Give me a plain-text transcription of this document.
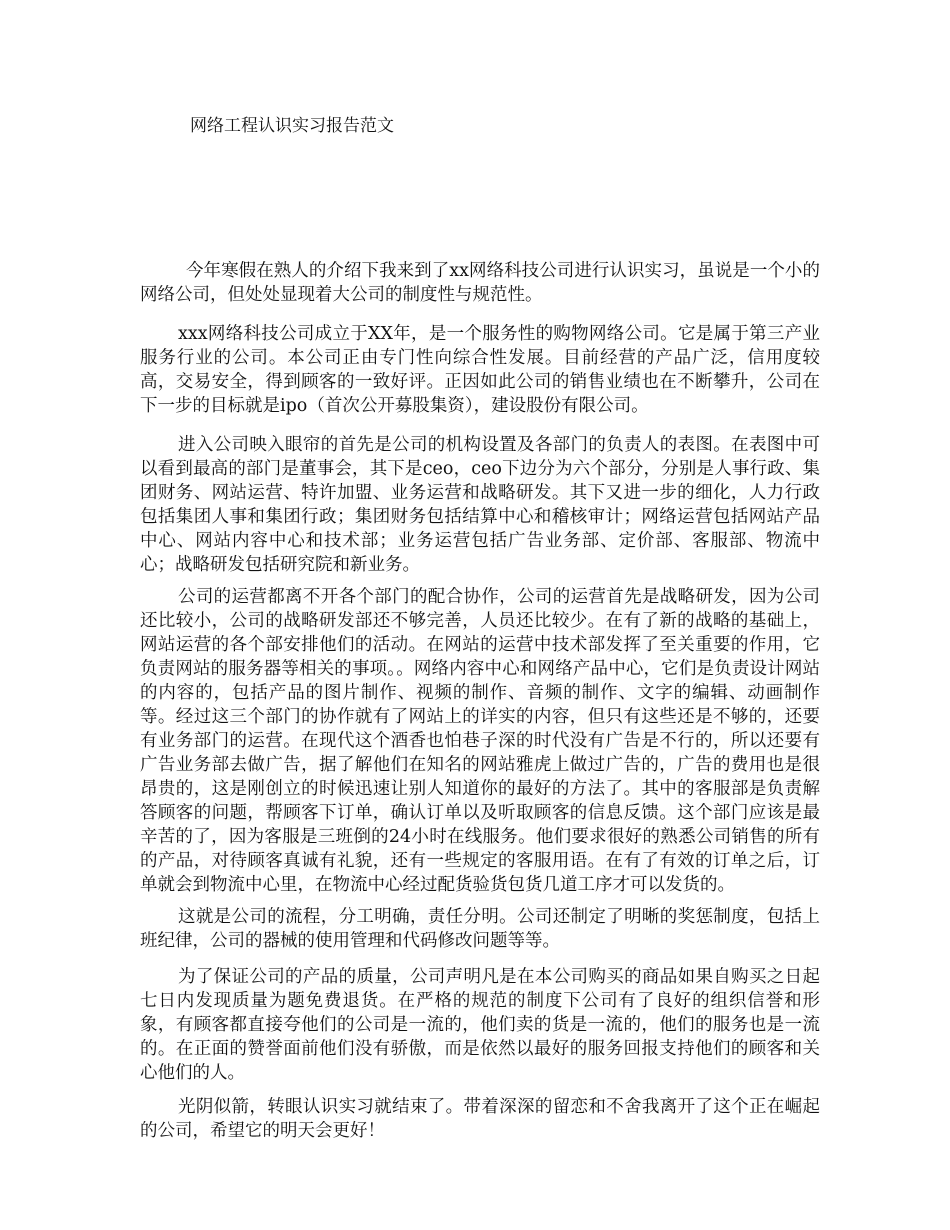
网络工程认识实习报告范文

今年寒假在熟人的介绍下我来到了xx网络科技公司进行认识实习，虽说是一个小的网络公司，但处处显现着大公司的制度性与规范性。

xxx网络科技公司成立于XX年，是一个服务性的购物网络公司。它是属于第三产业服务行业的公司。本公司正由专门性向综合性发展。目前经营的产品广泛，信用度较高，交易安全，得到顾客的一致好评。正因如此公司的销售业绩也在不断攀升，公司在下一步的目标就是ipo（首次公开募股集资），建设股份有限公司。

进入公司映入眼帘的首先是公司的机构设置及各部门的负责人的表图。在表图中可以看到最高的部门是董事会，其下是ceo，ceo下边分为六个部分，分别是人事行政、集团财务、网站运营、特许加盟、业务运营和战略研发。其下又进一步的细化，人力行政包括集团人事和集团行政；集团财务包括结算中心和稽核审计；网络运营包括网站产品中心、网站内容中心和技术部；业务运营包括广告业务部、定价部、客服部、物流中心；战略研发包括研究院和新业务。

公司的运营都离不开各个部门的配合协作，公司的运营首先是战略研发，因为公司还比较小，公司的战略研发部还不够完善，人员还比较少。在有了新的战略的基础上，网站运营的各个部安排他们的活动。在网站的运营中技术部发挥了至关重要的作用，它负责网站的服务器等相关的事项。。网络内容中心和网络产品中心，它们是负责设计网站的内容的，包括产品的图片制作、视频的制作、音频的制作、文字的编辑、动画制作等。经过这三个部门的协作就有了网站上的详实的内容，但只有这些还是不够的，还要有业务部门的运营。在现代这个酒香也怕巷子深的时代没有广告是不行的，所以还要有广告业务部去做广告，据了解他们在知名的网站雅虎上做过广告的，广告的费用也是很昂贵的，这是刚创立的时候迅速让别人知道你的最好的方法了。其中的客服部是负责解答顾客的问题，帮顾客下订单，确认订单以及听取顾客的信息反馈。这个部门应该是最辛苦的了，因为客服是三班倒的24小时在线服务。他们要求很好的熟悉公司销售的所有的产品，对待顾客真诚有礼貌，还有一些规定的客服用语。在有了有效的订单之后，订单就会到物流中心里，在物流中心经过配货验货包货几道工序才可以发货的。

这就是公司的流程，分工明确，责任分明。公司还制定了明晰的奖惩制度，包括上班纪律，公司的器械的使用管理和代码修改问题等等。

为了保证公司的产品的质量，公司声明凡是在本公司购买的商品如果自购买之日起七日内发现质量为题免费退货。在严格的规范的制度下公司有了良好的组织信誉和形象，有顾客都直接夸他们的公司是一流的，他们卖的货是一流的，他们的服务也是一流的。在正面的赞誉面前他们没有骄傲，而是依然以最好的服务回报支持他们的顾客和关心他们的人。

光阴似箭，转眼认识实习就结束了。带着深深的留恋和不舍我离开了这个正在崛起的公司，希望它的明天会更好！
